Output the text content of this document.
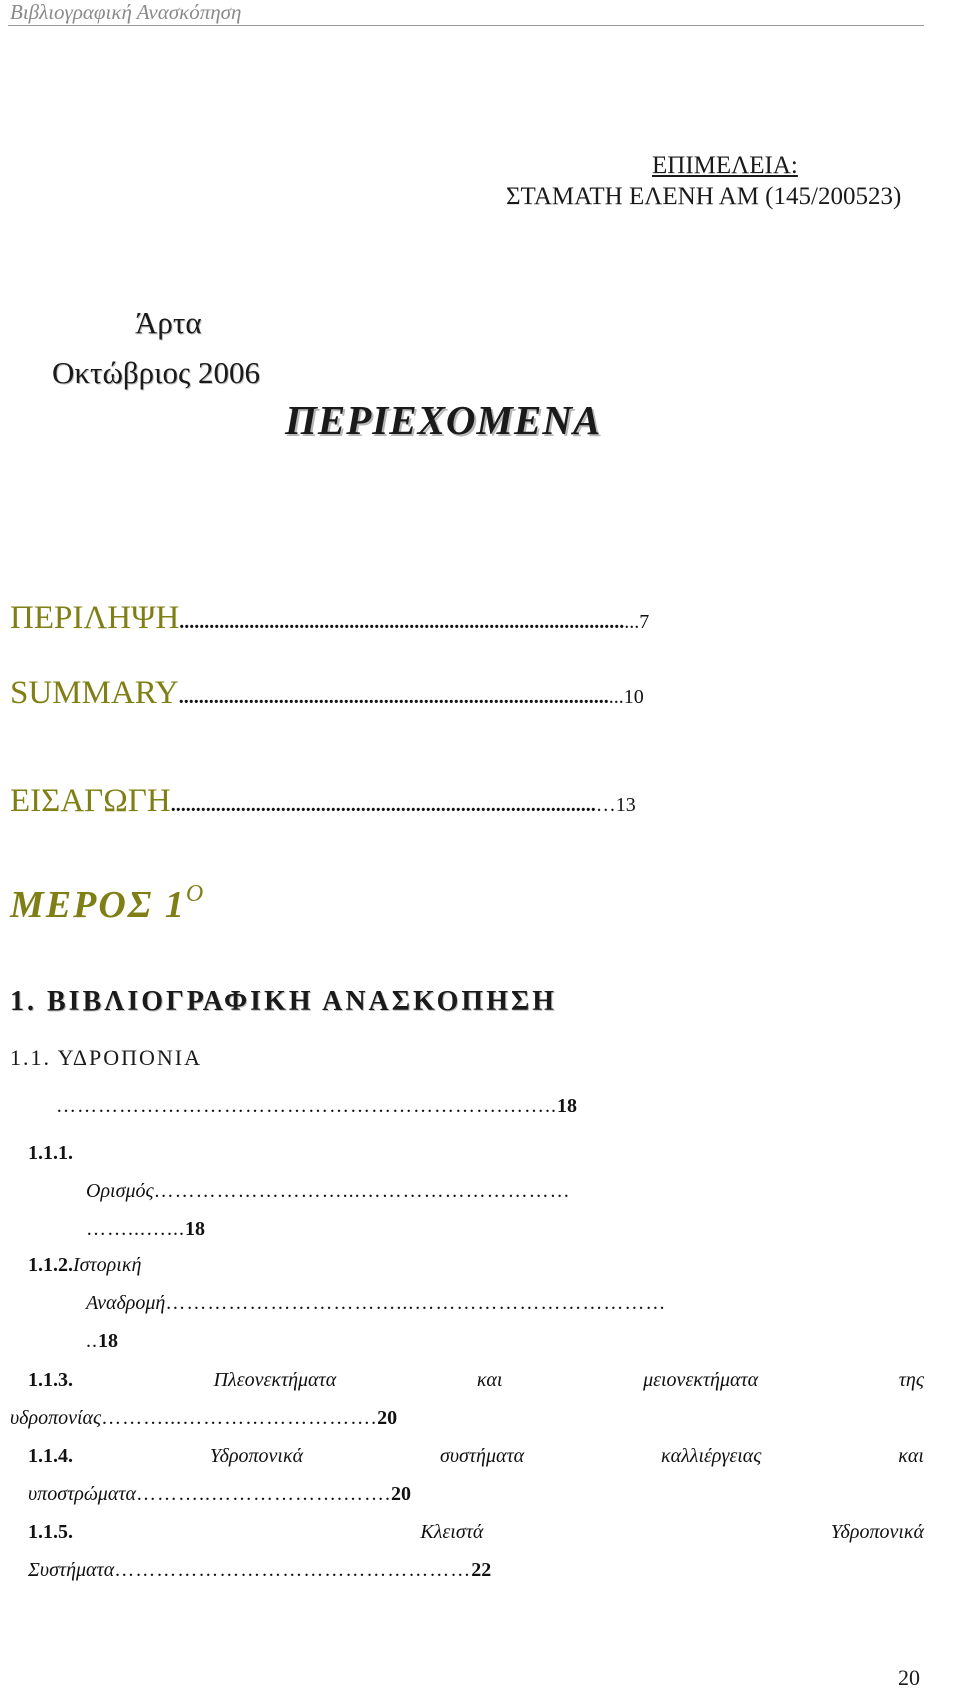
Βιβλιογραφική Ανασκόπηση
ΕΠΙΜΕΛΕΙΑ:
ΣΤΑΜΑΤΗ ΕΛΕΝΗ ΑΜ (145/200523)
Άρτα
Οκτώβριος 2006
ΠΕΡΙΕΧΟΜΕΝΑ
ΠΕΡΙΛΗΨΗ............................................................................................7
SUMMARY.........................................................................................10
ΕΙΣΑΓΩΓΗ.....................................................................................…13
ΜΕΡΟΣ $1^O$
1. ΒΙΒΛΙΟΓΡΑΦΙΚΗ ΑΝΑΣΚΟΠΗΣΗ
1.1. ΥΔΡΟΠΟΝΙΑ
……………………………………………………….……..18
1.1.1.
Ορισμός………………………...…………………………
……...…...18
1.1.2.Ιστορική
Αναδρομή……………………………...………………………………
..18
1.1.3.	Πλεονεκτήματα	και	μειονεκτήματα	της
υδροπονίας………...……………………….20
1.1.4.	Υδροπονικά	συστήματα	καλλιέργειας	και
υποστρώματα………..……………….…….20
1.1.5.	Κλειστά	Υδροπονικά
Συστήματα……………………………………………22
20
